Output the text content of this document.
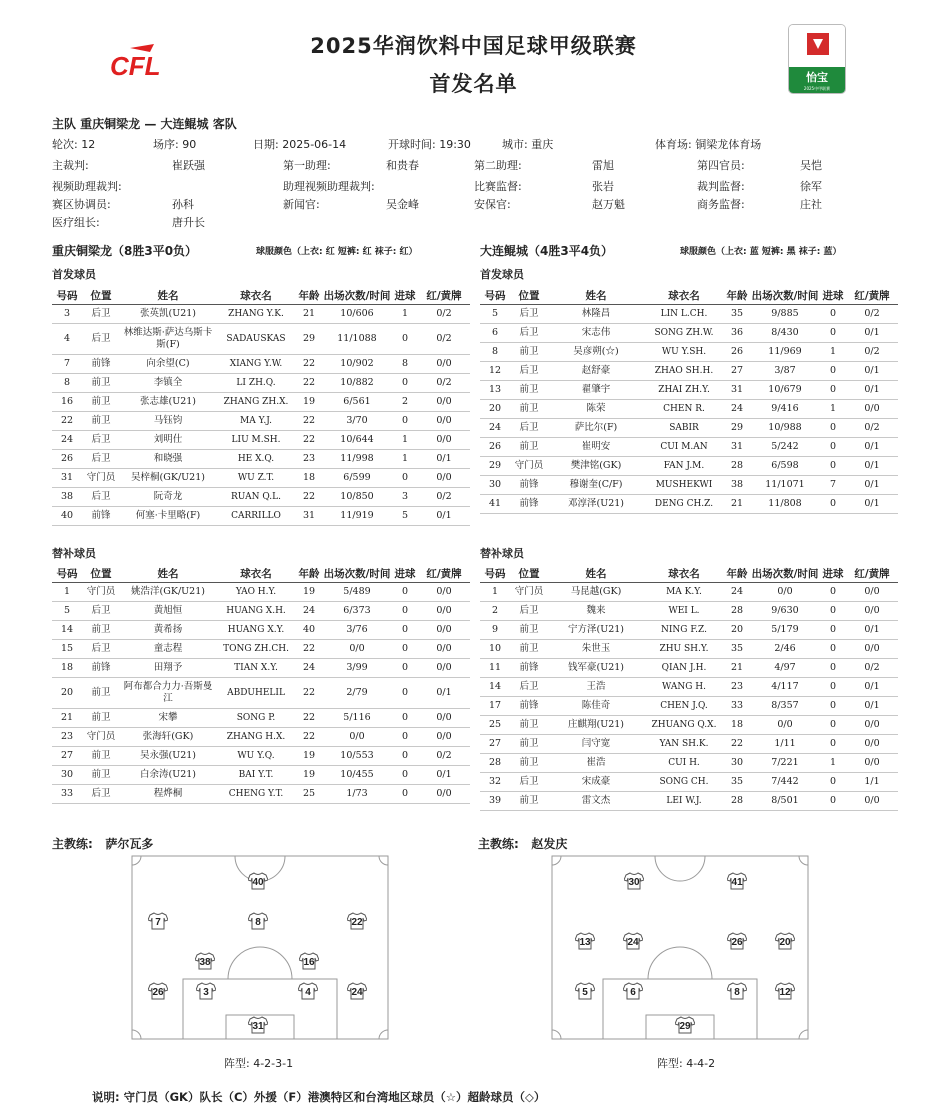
2025华润饮料中国足球甲级联赛
首发名单
CFL	怡宝
2025中甲联赛
主队 重庆铜梁龙 — 大连鲲城 客队
轮次: 12	场序: 90	日期: 2025-06-14	开球时间: 19:30	城市: 重庆	体育场: 铜梁龙体育场
主裁判:	崔跃强	第一助理:	和贵春	第二助理:	雷旭	第四官员:	吴恺
视频助理裁判:	助理视频助理裁判:	比赛监督:	张岩	裁判监督:	徐军
赛区协调员:	孙科	新闻官:	吴金峰	安保官:	赵万魁	商务监督:	庄社
医疗组长:	唐升长
重庆铜梁龙（8胜3平0负）	球服颜色（上衣: 红 短裤: 红 袜子: 红）
首发球员
大连鲲城（4胜3平4负）	球服颜色（上衣: 蓝 短裤: 黑 袜子: 蓝）
首发球员
号码	位置	姓名	球衣名	年龄	出场次数/时间	进球	红/黄牌
3	后卫	张英凯(U21)	ZHANG Y.K.	21	10/606	1	0/2
4	后卫	林维达斯·萨达乌斯卡斯(F)	SADAUSKAS	29	11/1088	0	0/2
7	前锋	向余望(C)	XIANG Y.W.	22	10/902	8	0/0
8	前卫	李镇全	LI ZH.Q.	22	10/882	0	0/2
16	前卫	张志雄(U21)	ZHANG ZH.X.	19	6/561	2	0/0
22	前卫	马钰钧	MA Y.J.	22	3/70	0	0/0
24	后卫	刘明仕	LIU M.SH.	22	10/644	1	0/0
26	后卫	和晓强	HE X.Q.	23	11/998	1	0/1
31	守门员	吴梓桐(GK/U21)	WU Z.T.	18	6/599	0	0/0
38	后卫	阮奇龙	RUAN Q.L.	22	10/850	3	0/2
40	前锋	何塞·卡里略(F)	CARRILLO	31	11/919	5	0/1
号码	位置	姓名	球衣名	年龄	出场次数/时间	进球	红/黄牌
5	后卫	林隆昌	LIN L.CH.	35	9/885	0	0/2
6	后卫	宋志伟	SONG ZH.W.	36	8/430	0	0/1
8	前卫	吴彦朔(☆)	WU Y.SH.	26	11/969	1	0/2
12	后卫	赵舒豪	ZHAO SH.H.	27	3/87	0	0/1
13	前卫	翟肇宇	ZHAI ZH.Y.	31	10/679	0	0/1
20	前卫	陈荣	CHEN R.	24	9/416	1	0/0
24	后卫	萨比尔(F)	SABIR	29	10/988	0	0/2
26	前卫	崔明安	CUI M.AN	31	5/242	0	0/1
29	守门员	樊津铭(GK)	FAN J.M.	28	6/598	0	0/1
30	前锋	穆谢奎(C/F)	MUSHEKWI	38	11/1071	7	0/1
41	前锋	邓淳泽(U21)	DENG CH.Z.	21	11/808	0	0/1
替补球员	替补球员
号码	位置	姓名	球衣名	年龄	出场次数/时间	进球	红/黄牌
1	守门员	姚浩洋(GK/U21)	YAO H.Y.	19	5/489	0	0/0
5	后卫	黄旭恒	HUANG X.H.	24	6/373	0	0/0
14	前卫	黄希扬	HUANG X.Y.	40	3/76	0	0/0
15	后卫	童志程	TONG ZH.CH.	22	0/0	0	0/0
18	前锋	田翔予	TIAN X.Y.	24	3/99	0	0/0
20	前卫	阿布都合力力·吾斯曼江	ABDUHELIL	22	2/79	0	0/1
21	前卫	宋攀	SONG P.	22	5/116	0	0/0
23	守门员	张海轩(GK)	ZHANG H.X.	22	0/0	0	0/0
27	前卫	吴永强(U21)	WU Y.Q.	19	10/553	0	0/2
30	前卫	白余涛(U21)	BAI Y.T.	19	10/455	0	0/1
33	后卫	程烨桐	CHENG Y.T.	25	1/73	0	0/0
号码	位置	姓名	球衣名	年龄	出场次数/时间	进球	红/黄牌
1	守门员	马昆越(GK)	MA K.Y.	24	0/0	0	0/0
2	后卫	魏来	WEI L.	28	9/630	0	0/0
9	前卫	宁方泽(U21)	NING F.Z.	20	5/179	0	0/1
10	前卫	朱世玉	ZHU SH.Y.	35	2/46	0	0/0
11	前锋	钱军豪(U21)	QIAN J.H.	21	4/97	0	0/2
14	后卫	王浩	WANG H.	23	4/117	0	0/1
17	前锋	陈佳奇	CHEN J.Q.	33	8/357	0	0/1
25	前卫	庄麒翔(U21)	ZHUANG Q.X.	18	0/0	0	0/0
27	前卫	闫守宽	YAN SH.K.	22	1/11	0	0/0
28	前卫	崔浩	CUI H.	30	7/221	1	0/0
32	后卫	宋成豪	SONG CH.	35	7/442	0	1/1
39	前卫	雷文杰	LEI W.J.	28	8/501	0	0/0
主教练: 萨尔瓦多	主教练: 赵发庆
40
7	8	22
38	16
26	3	4	24
31
30	41
13	24	26	20
5	6	8	12
29
阵型: 4-2-3-1	阵型: 4-4-2
说明: 守门员（GK）队长（C）外援（F）港澳特区和台湾地区球员（☆）超龄球员（◇）
